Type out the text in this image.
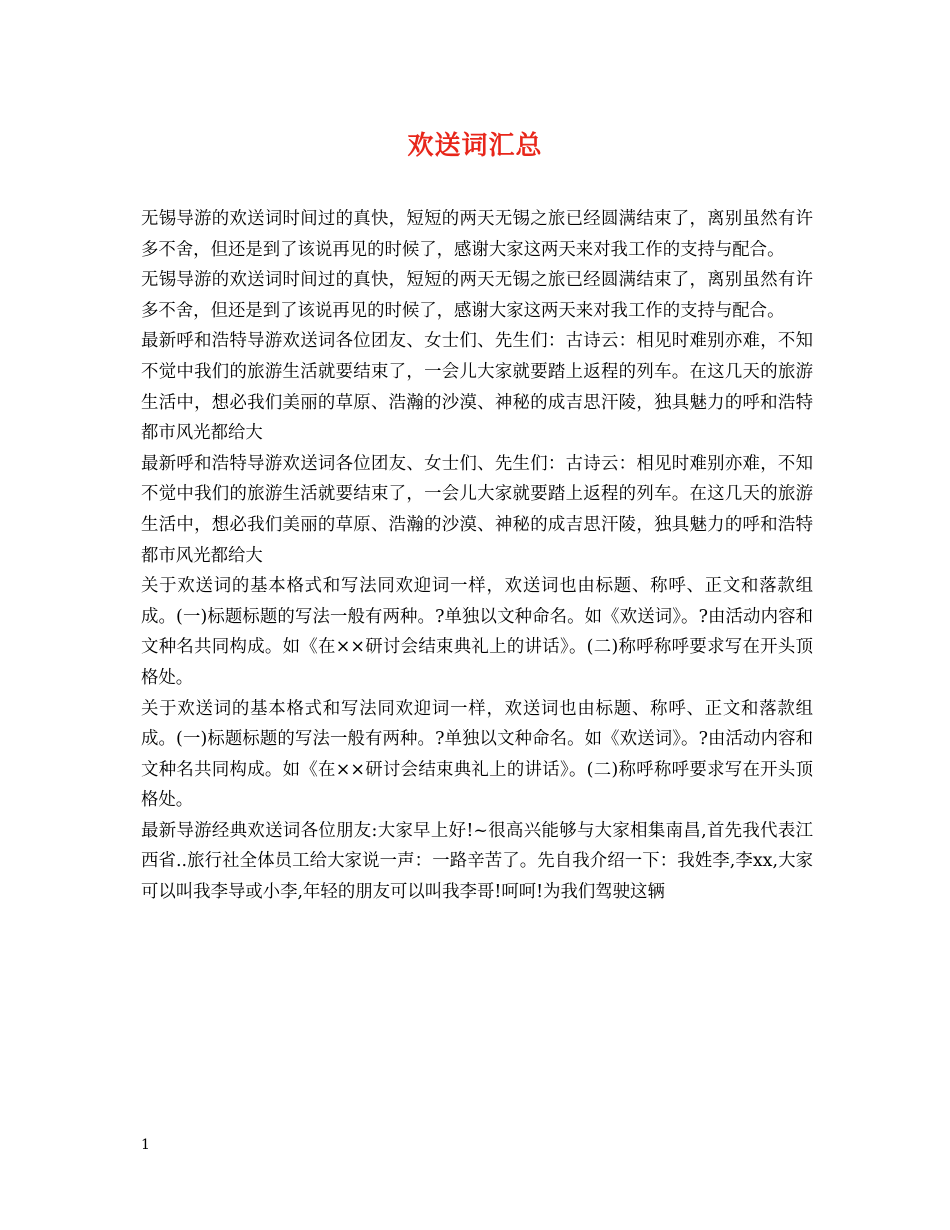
欢送词汇总

无锡导游的欢送词时间过的真快，短短的两天无锡之旅已经圆满结束了，离别虽然有许多不舍，但还是到了该说再见的时候了，感谢大家这两天来对我工作的支持与配合。

无锡导游的欢送词时间过的真快，短短的两天无锡之旅已经圆满结束了，离别虽然有许多不舍，但还是到了该说再见的时候了，感谢大家这两天来对我工作的支持与配合。

最新呼和浩特导游欢送词各位团友、女士们、先生们：古诗云：相见时难别亦难，不知不觉中我们的旅游生活就要结束了，一会儿大家就要踏上返程的列车。在这几天的旅游生活中，想必我们美丽的草原、浩瀚的沙漠、神秘的成吉思汗陵，独具魅力的呼和浩特都市风光都给大

最新呼和浩特导游欢送词各位团友、女士们、先生们：古诗云：相见时难别亦难，不知不觉中我们的旅游生活就要结束了，一会儿大家就要踏上返程的列车。在这几天的旅游生活中，想必我们美丽的草原、浩瀚的沙漠、神秘的成吉思汗陵，独具魅力的呼和浩特都市风光都给大

关于欢送词的基本格式和写法同欢迎词一样，欢送词也由标题、称呼、正文和落款组成。(一)标题标题的写法一般有两种。?单独以文种命名。如《欢送词》。?由活动内容和文种名共同构成。如《在××研讨会结束典礼上的讲话》。(二)称呼称呼要求写在开头顶格处。

关于欢送词的基本格式和写法同欢迎词一样，欢送词也由标题、称呼、正文和落款组成。(一)标题标题的写法一般有两种。?单独以文种命名。如《欢送词》。?由活动内容和文种名共同构成。如《在××研讨会结束典礼上的讲话》。(二)称呼称呼要求写在开头顶格处。

最新导游经典欢送词各位朋友:大家早上好!~很高兴能够与大家相集南昌,首先我代表江西省..旅行社全体员工给大家说一声：一路辛苦了。先自我介绍一下：我姓李,李xx,大家可以叫我李导或小李,年轻的朋友可以叫我李哥!呵呵!为我们驾驶这辆

1
